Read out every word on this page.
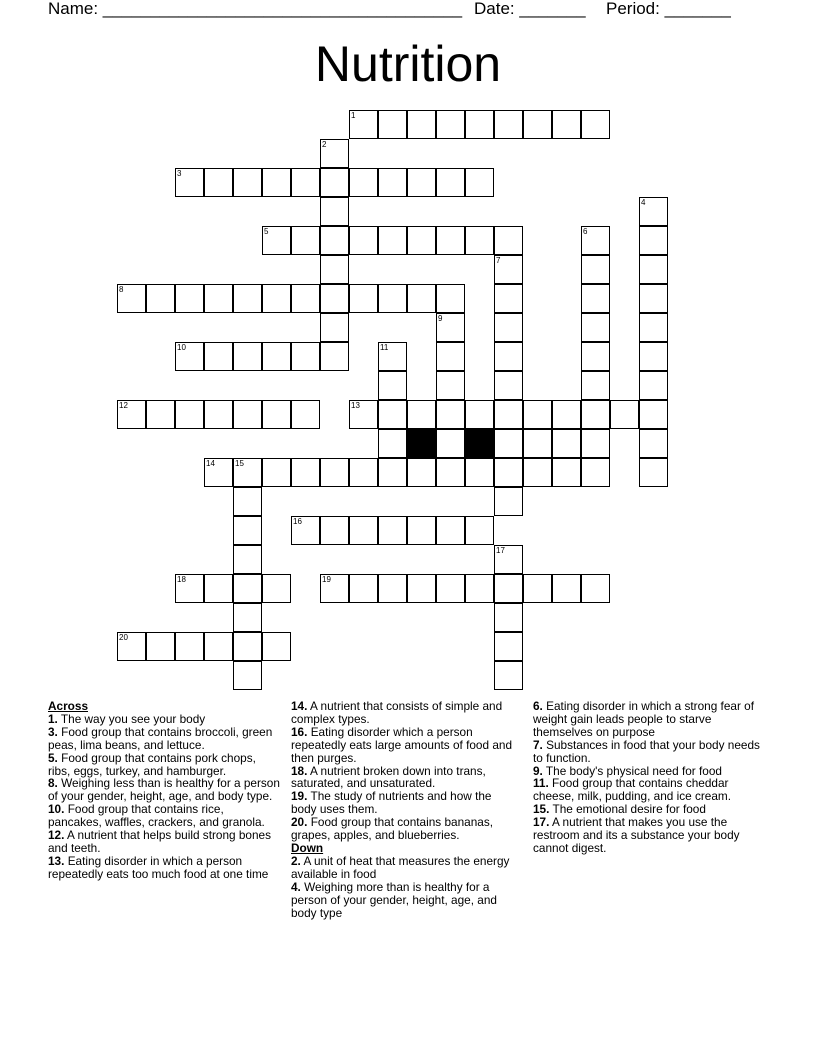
Name: ______________________________________ Date: _______ Period: _______
Nutrition
1
2
3
4
5	6
7
8
9
10	11
12	13
14	15
16
17
18	19
20

Across

1. The way you see your body

3. Food group that contains broccoli, green peas, lima beans, and lettuce.

5. Food group that contains pork chops, ribs, eggs, turkey, and hamburger.

8. Weighing less than is healthy for a person of your gender, height, age, and body type.

10. Food group that contains rice, pancakes, waffles, crackers, and granola.

12. A nutrient that helps build strong bones and teeth.

13. Eating disorder in which a person repeatedly eats too much food at one time

14. A nutrient that consists of simple and complex types.

16. Eating disorder which a person repeatedly eats large amounts of food and then purges.

18. A nutrient broken down into trans, saturated, and unsaturated.

19. The study of nutrients and how the body uses them.

20. Food group that contains bananas, grapes, apples, and blueberries.

Down

2. A unit of heat that measures the energy available in food

4. Weighing more than is healthy for a person of your gender, height, age, and body type

6. Eating disorder in which a strong fear of weight gain leads people to starve themselves on purpose

7. Substances in food that your body needs to function.

9. The body's physical need for food

11. Food group that contains cheddar cheese, milk, pudding, and ice cream.

15. The emotional desire for food

17. A nutrient that makes you use the restroom and its a substance your body cannot digest.
